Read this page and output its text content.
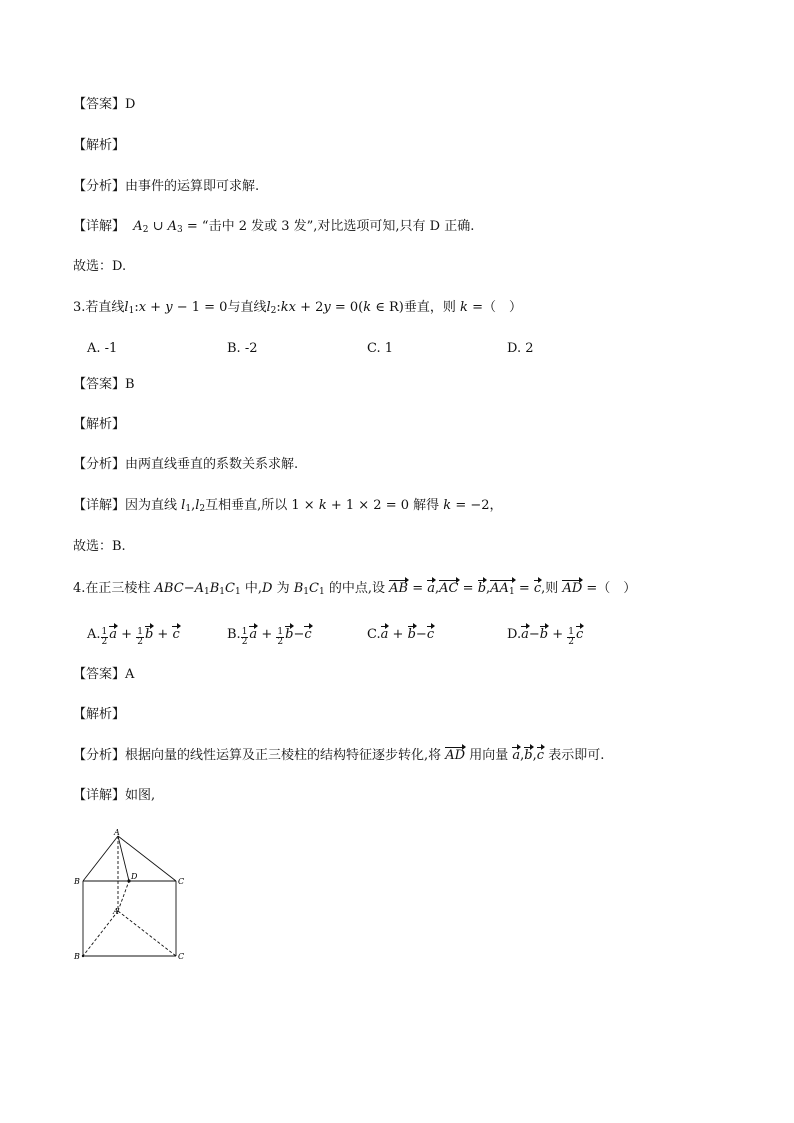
【答案】D
【解析】
【分析】由事件的运算即可求解.
【详解】  $A_2$ ∪ $A_3$ = “击中 2 发或 3 发”,对比选项可知,只有 D 正确.
故选：D.
3.若直线$l_1:x + y - 1 = 0$与直线$l_2:kx + 2y = 0(k$ ∈ R)垂直，则 k =（　）
A. -1	B. -2	C. 1	D. 2
【答案】B
【解析】
【分析】由两直线垂直的系数关系求解.
【详解】因为直线 $l_1,l_2$互相垂直,所以 1 × k + 1 × 2 = 0 解得 k = −2，
故选：B.
4.在正三棱柱 $ABC-A_1B_1C_1$ 中,D 为 $B_1C_1$ 的中点,设 AB = $a,AC = b,AA_1 = c$,则 AD =（　）
A. $\frac{1}{2}$ $a + \frac{1}{2}$ b + c	B. $\frac{1}{2}$ $a + \frac{1}{2} b-c$	C.a + b−c	$D.a-b + \frac{1}{2}$ c
【答案】A
【解析】
【分析】根据向量的线性运算及正三棱柱的结构特征逐步转化,将 AD 用向量 a,b,c 表示即可.
【详解】如图,
A
B	C
D
A
B	C
